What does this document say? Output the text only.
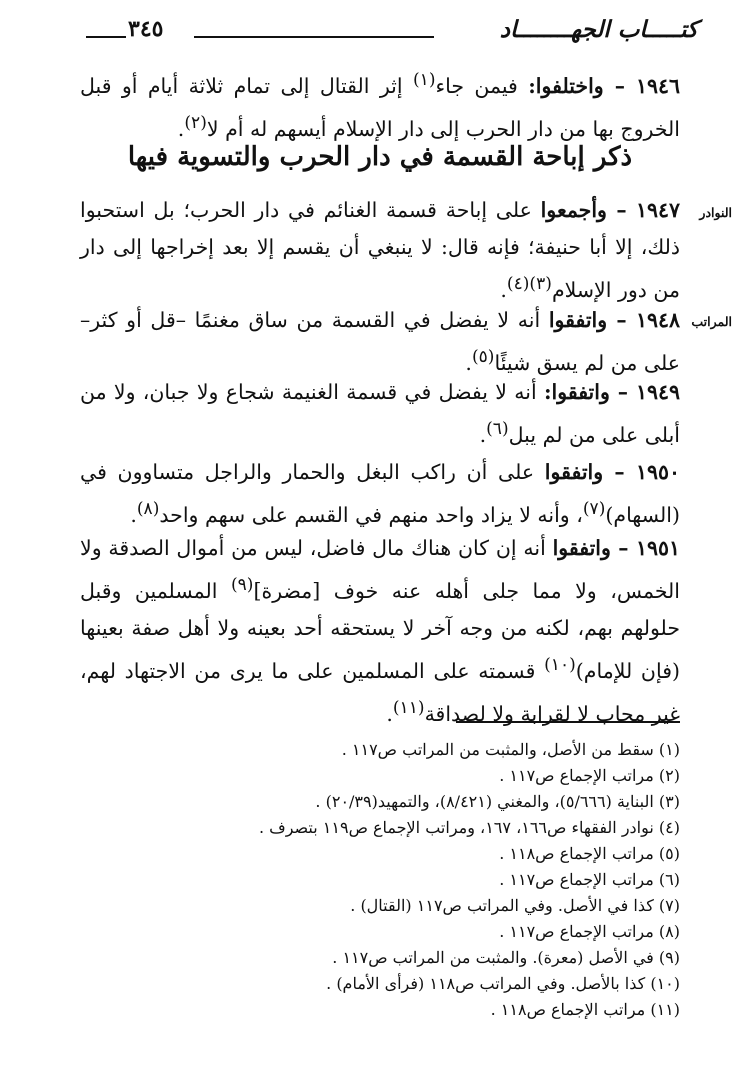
٣٤٥	كتـــــاب الجهــــــــاد

١٩٤٦ – واختلفوا: فيمن جاء$^{(١)}$ إثر القتال إلى تمام ثلاثة أيام أو قبل الخروج بها من دار الحرب إلى دار الإسلام أيسهم له أم لا$^{(٢)}$.

ذكر إباحة القسمة في دار الحرب والتسوية فيها
النوادر

١٩٤٧ – وأجمعوا على إباحة قسمة الغنائم في دار الحرب؛ بل استحبوا ذلك، إلا أبا حنيفة؛ فإنه قال: لا ينبغي أن يقسم إلا بعد إخراجها إلى دار من دور الإسلام$^{(٣)(٤)}$.

المراتب

١٩٤٨ – واتفقوا أنه لا يفضل في القسمة من ساق مغنمًا –قل أو كثر– على من لم يسق شيئًا$^{(٥)}$.

١٩٤٩ – واتفقوا: أنه لا يفضل في قسمة الغنيمة شجاع ولا جبان، ولا من أبلى على من لم يبل$^{(٦)}$.

١٩٥٠ – واتفقوا على أن راكب البغل والحمار والراجل متساوون في (السهام)$^{(٧)}$، وأنه لا يزاد واحد منهم في القسم على سهم واحد$^{(٨)}$.

١٩٥١ – واتفقوا أنه إن كان هناك مال فاضل، ليس من أموال الصدقة ولا الخمس، ولا مما جلى أهله عنه خوف [مضرة]$^{(٩)}$ المسلمين وقبل حلولهم بهم، لكنه من وجه آخر لا يستحقه أحد بعينه ولا أهل صفة بعينها (فإن للإمام)$^{(١٠)}$ قسمته على المسلمين على ما يرى من الاجتهاد لهم، غير محاب لا لقرابة ولا لصداقة$^{(١١)}$.

(١) سقط من الأصل، والمثبت من المراتب ص١١٧ .
(٢) مراتب الإجماع ص١١٧ .
(٣) البناية (٥/٦٦٦)، والمغني (٨/٤٢١)، والتمهيد(٢٠/٣٩) .
(٤) نوادر الفقهاء ص١٦٦، ١٦٧، ومراتب الإجماع ص١١٩ بتصرف .
(٥) مراتب الإجماع ص١١٨ .
(٦) مراتب الإجماع ص١١٧ .
(٧) كذا في الأصل. وفي المراتب ص١١٧ (القتال) .
(٨) مراتب الإجماع ص١١٧ .
(٩) في الأصل (معرة). والمثبت من المراتب ص١١٧ .
(١٠) كذا بالأصل. وفي المراتب ص١١٨ (فرأى الأمام) .
(١١) مراتب الإجماع ص١١٨ .
